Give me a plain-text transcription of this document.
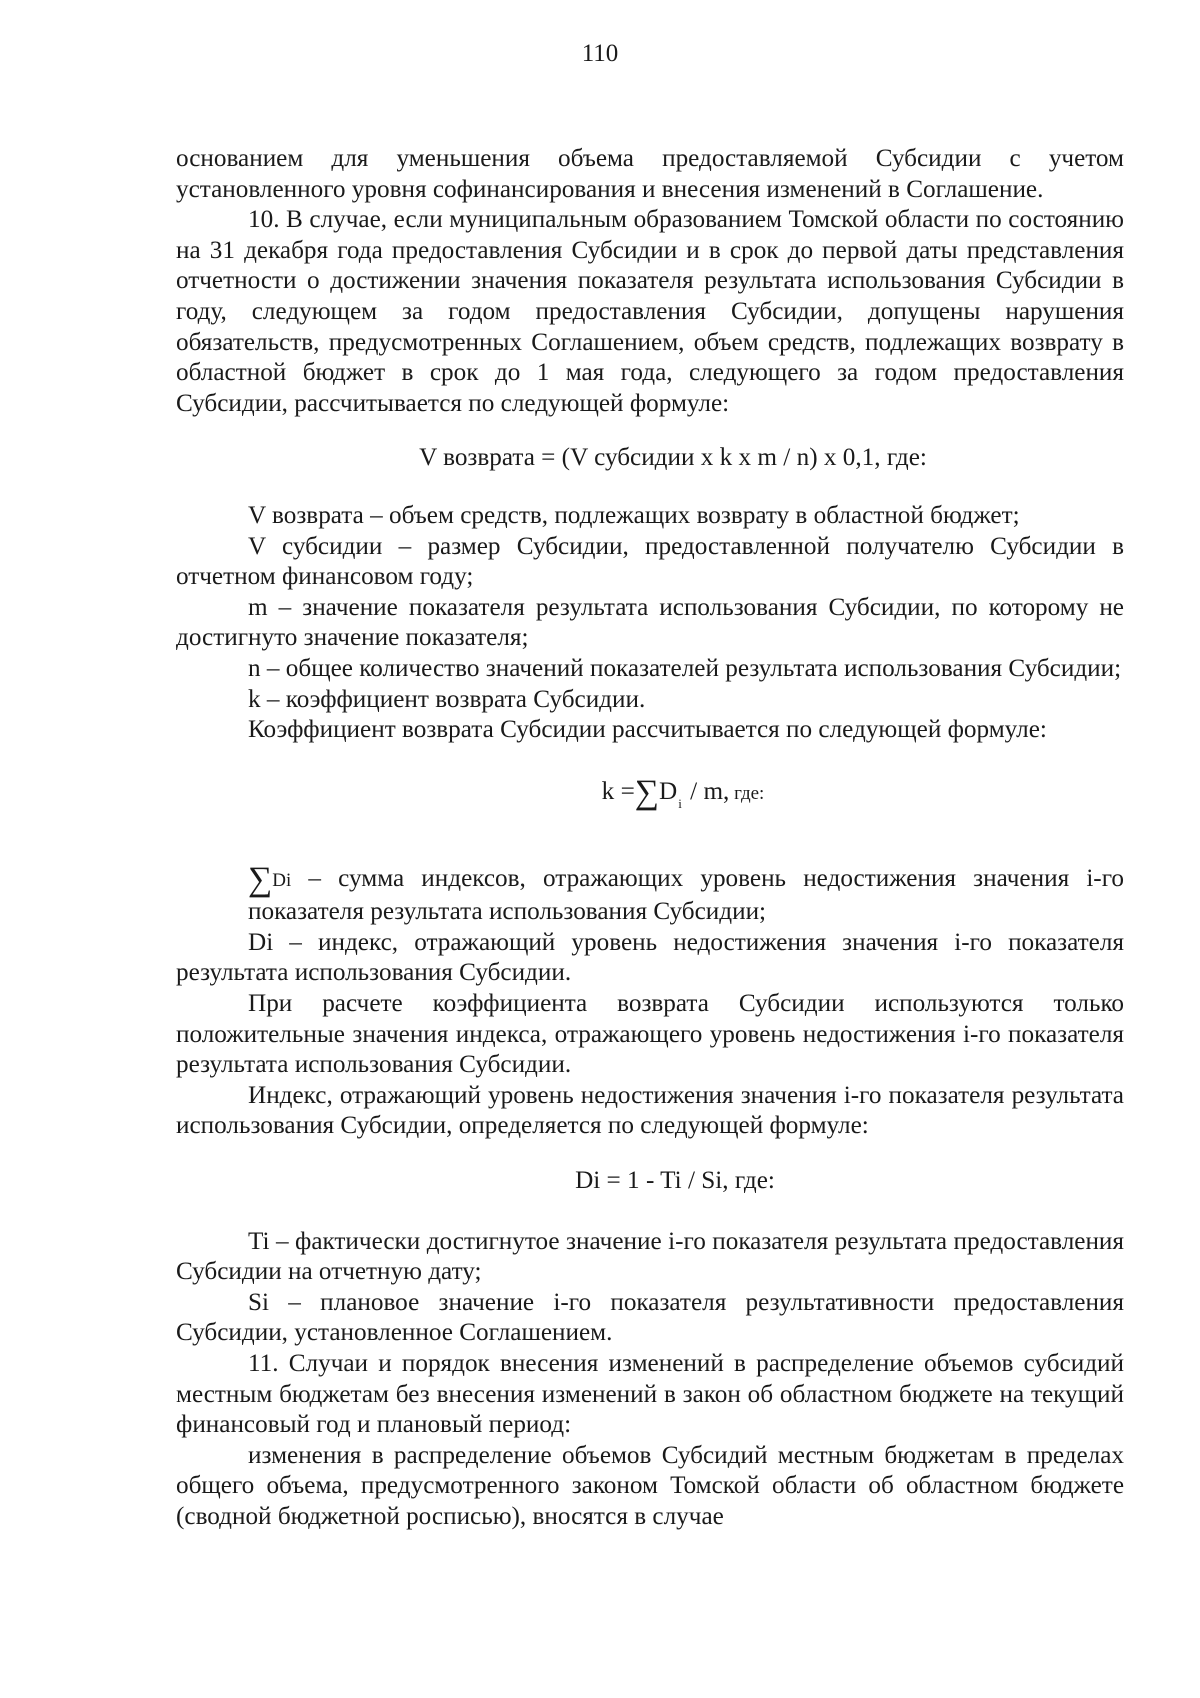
110

основанием для уменьшения объема предоставляемой Субсидии с учетом установленного уровня софинансирования и внесения изменений в Соглашение.

10. В случае, если муниципальным образованием Томской области по состоянию на 31 декабря года предоставления Субсидии и в срок до первой даты представления отчетности о достижении значения показателя результата использования Субсидии в году, следующем за годом предоставления Субсидии, допущены нарушения обязательств, предусмотренных Соглашением, объем средств, подлежащих возврату в областной бюджет в срок до 1 мая года, следующего за годом предоставления Субсидии, рассчитывается по следующей формуле:

V возврата = (V субсидии x k x m / n) x 0,1, где:

V возврата – объем средств, подлежащих возврату в областной бюджет;

V субсидии – размер Субсидии, предоставленной получателю Субсидии в отчетном финансовом году;

m – значение показателя результата использования Субсидии, по которому не достигнуто значение показателя;

n – общее количество значений показателей результата использования Субсидии;

k – коэффициент возврата Субсидии.

Коэффициент возврата Субсидии рассчитывается по следующей формуле:

$k =\sum D_i / m$, где:

∑Di – сумма индексов, отражающих уровень недостижения значения i-го показателя результата использования Субсидии;

Di – индекс, отражающий уровень недостижения значения i-го показателя результата использования Субсидии.

При расчете коэффициента возврата Субсидии используются только положительные значения индекса, отражающего уровень недостижения i-го показателя результата использования Субсидии.

Индекс, отражающий уровень недостижения значения i-го показателя результата использования Субсидии, определяется по следующей формуле:

Di = 1 - Ti / Si, где:

Ti – фактически достигнутое значение i-го показателя результата предоставления Субсидии на отчетную дату;

Si – плановое значение i-го показателя результативности предоставления Субсидии, установленное Соглашением.

11. Случаи и порядок внесения изменений в распределение объемов субсидий местным бюджетам без внесения изменений в закон об областном бюджете на текущий финансовый год и плановый период:

изменения в распределение объемов Субсидий местным бюджетам в пределах общего объема, предусмотренного законом Томской области об областном бюджете (сводной бюджетной росписью), вносятся в случае
